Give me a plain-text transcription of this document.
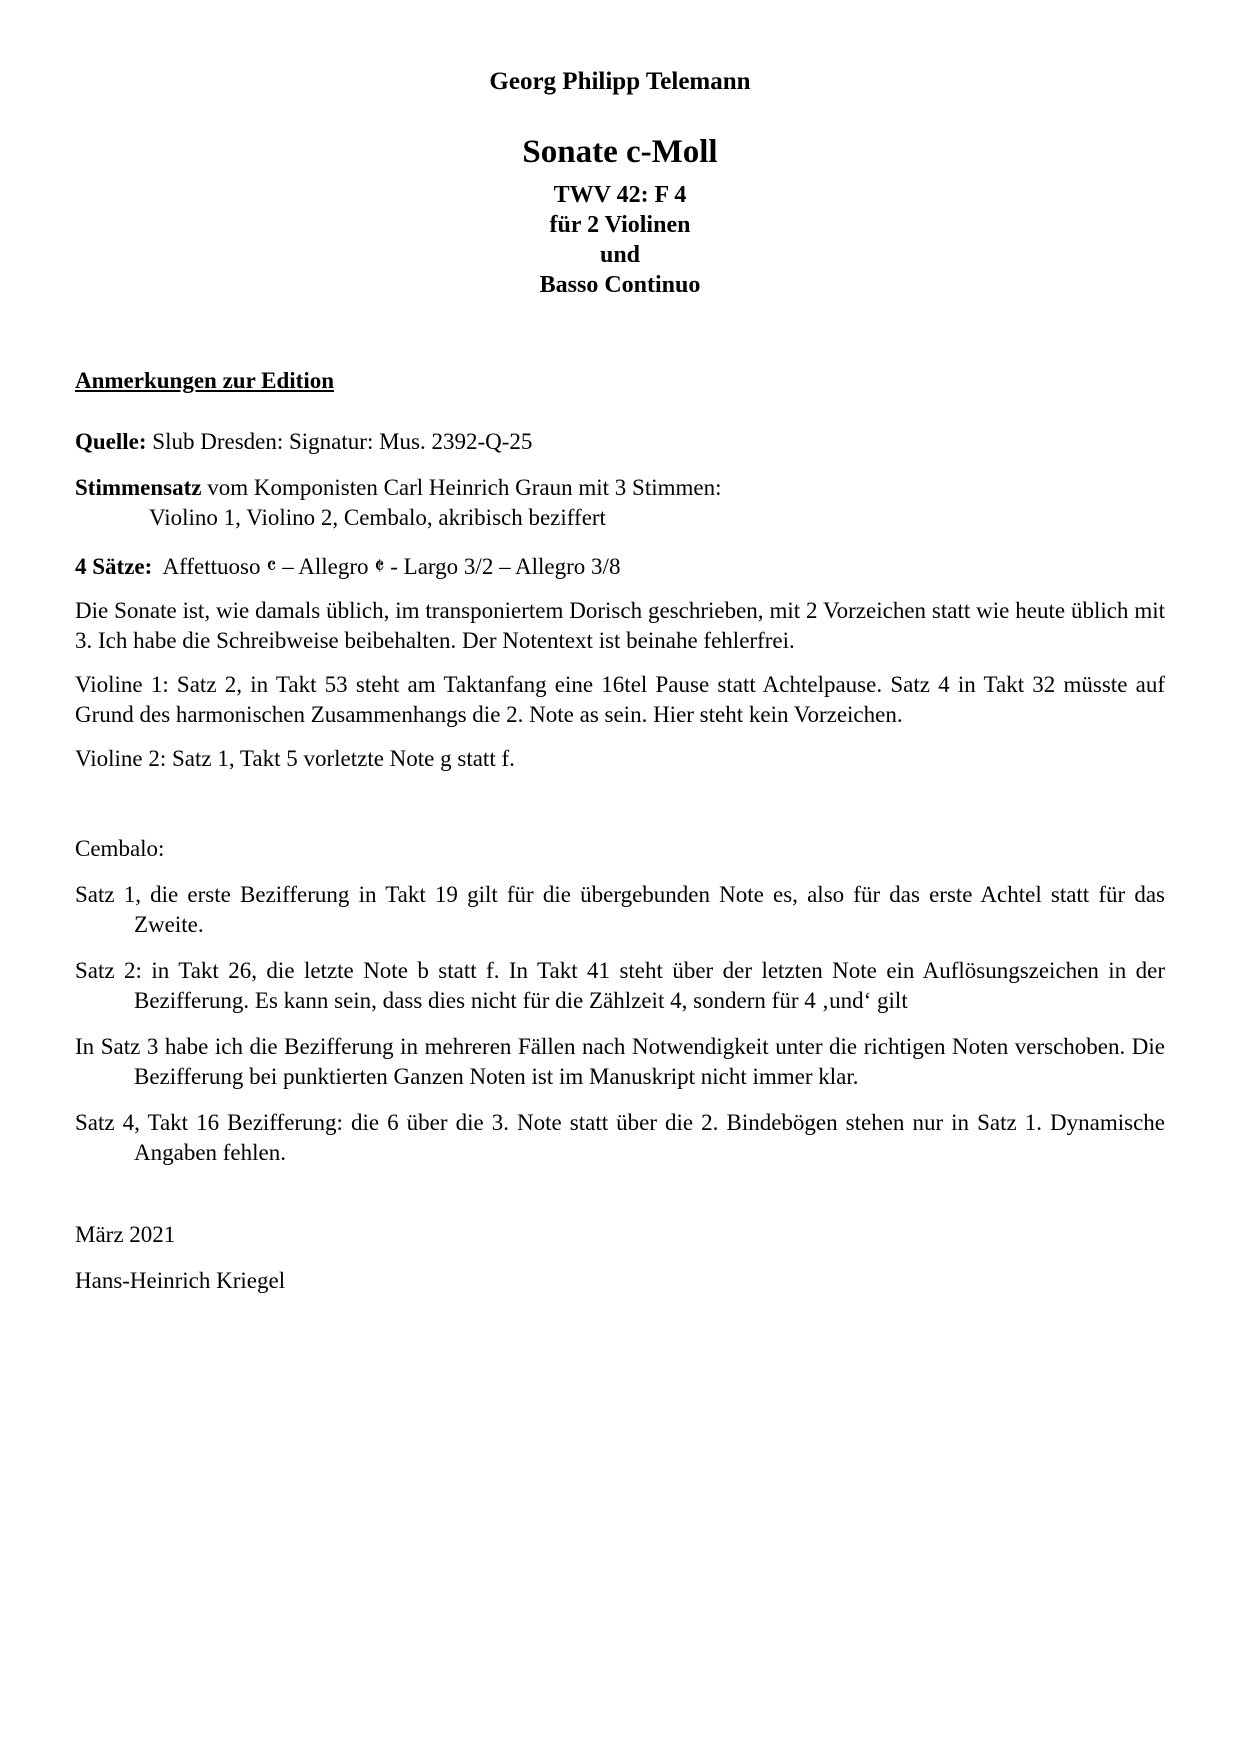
Georg Philipp Telemann
Sonate c-Moll
TWV 42: F 4
für 2 Violinen
und
Basso Continuo

Anmerkungen zur Edition

Quelle: Slub Dresden: Signatur: Mus. 2392-Q-25

Stimmensatz vom Komponisten Carl Heinrich Graun mit 3 Stimmen:

Violino 1, Violino 2, Cembalo, akribisch beziffert

4 Sätze:  Affettuoso 𝄴 – Allegro 𝄵 - Largo 3/2 – Allegro 3/8

Die Sonate ist, wie damals üblich, im transponiertem Dorisch geschrieben, mit 2 Vorzeichen statt wie heute üblich mit 3. Ich habe die Schreibweise beibehalten. Der Notentext ist beinahe fehlerfrei.

Violine 1: Satz 2, in Takt 53 steht am Taktanfang eine 16tel Pause statt Achtelpause. Satz 4 in Takt 32 müsste auf Grund des harmonischen Zusammenhangs die 2. Note as sein. Hier steht kein Vorzeichen.

Violine 2: Satz 1, Takt 5 vorletzte Note g statt f.

Cembalo:

Satz 1, die erste Bezifferung in Takt 19 gilt für die übergebunden Note es, also für das erste Achtel statt für das Zweite.

Satz 2: in Takt 26, die letzte Note b statt f. In Takt 41 steht über der letzten Note ein Auflösungszeichen in der Bezifferung. Es kann sein, dass dies nicht für die Zählzeit 4, sondern für 4 ‚und‘ gilt

In Satz 3 habe ich die Bezifferung in mehreren Fällen nach Notwendigkeit unter die richtigen Noten verschoben. Die Bezifferung bei punktierten Ganzen Noten ist im Manuskript nicht immer klar.

Satz 4, Takt 16 Bezifferung: die 6 über die 3. Note statt über die 2. Bindebögen stehen nur in Satz 1. Dynamische Angaben fehlen.

März 2021

Hans-Heinrich Kriegel
